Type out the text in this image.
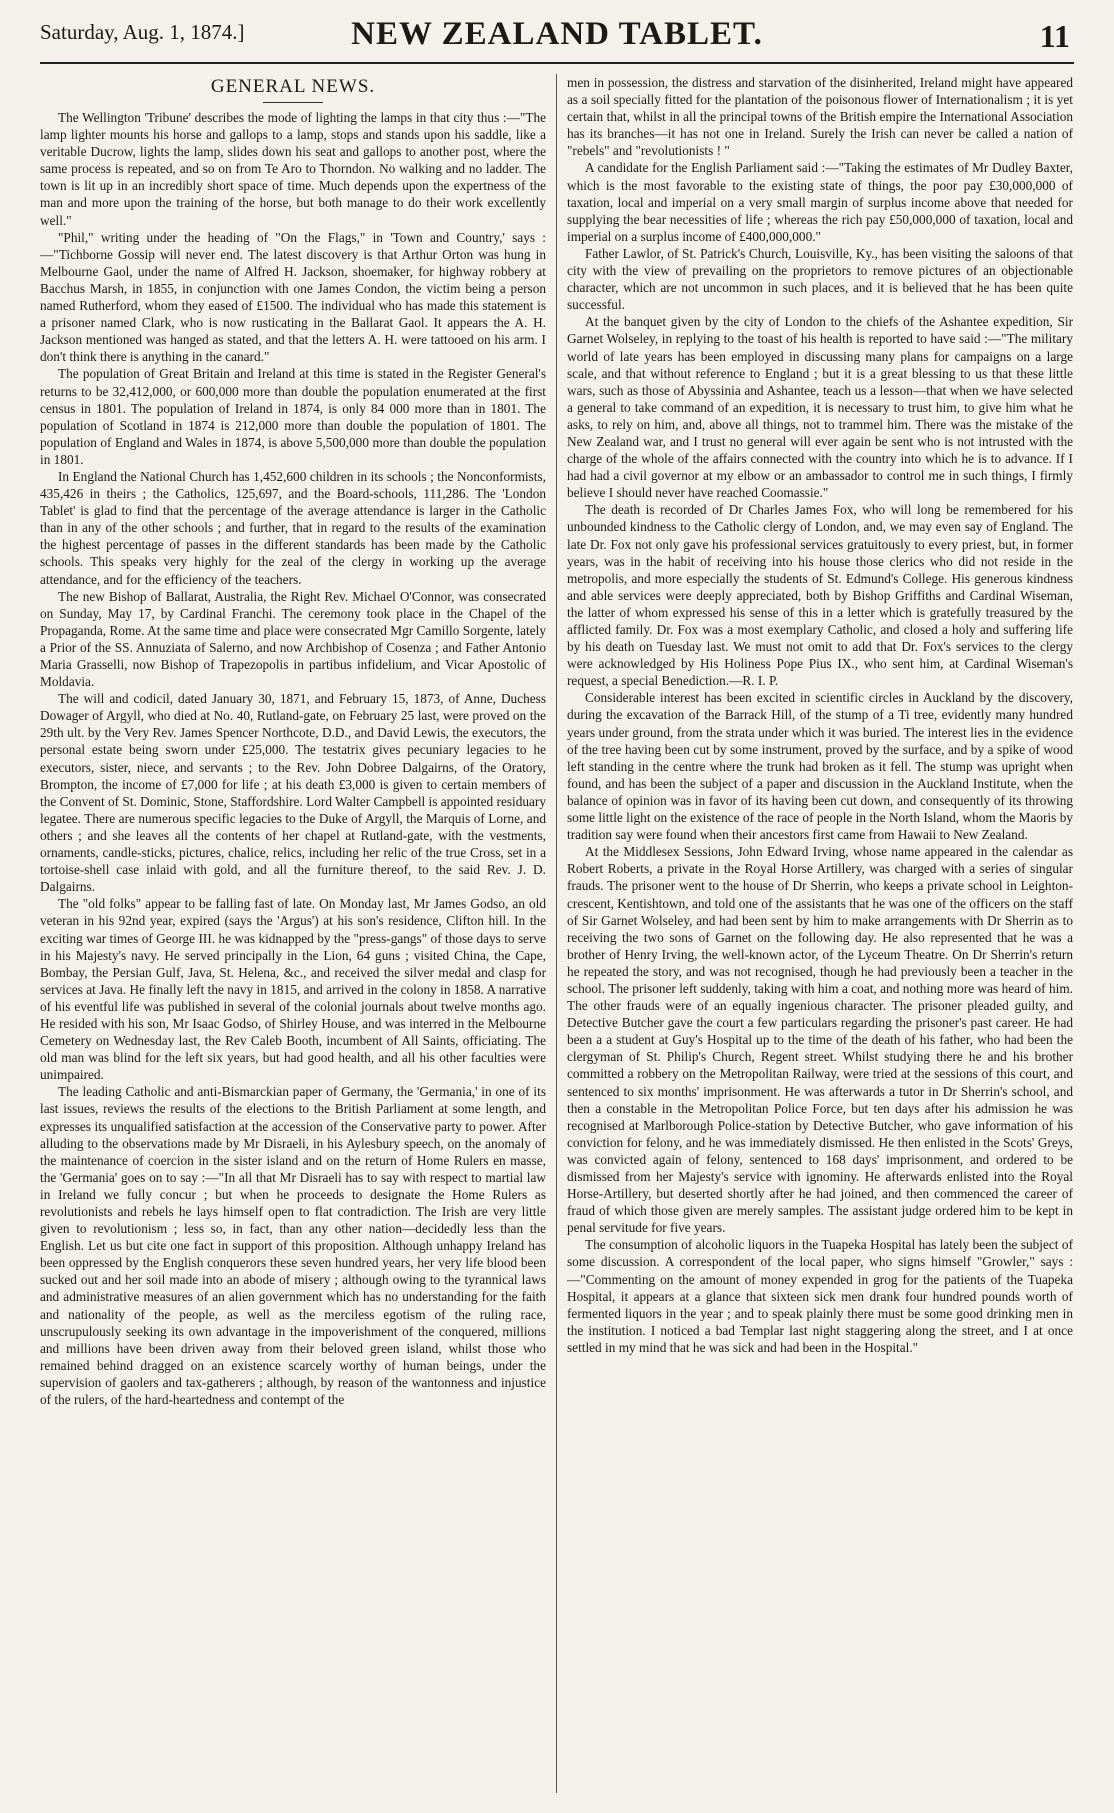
Saturday, Aug. 1, 1874.]	NEW ZEALAND TABLET.	11
GENERAL NEWS.

The Wellington 'Tribune' describes the mode of lighting the lamps in that city thus :—"The lamp lighter mounts his horse and gallops to a lamp, stops and stands upon his saddle, like a veritable Ducrow, lights the lamp, slides down his seat and gallops to another post, where the same process is repeated, and so on from Te Aro to Thorndon. No walking and no ladder. The town is lit up in an incredibly short space of time. Much depends upon the expertness of the man and more upon the training of the horse, but both manage to do their work excellently well."

"Phil," writing under the heading of "On the Flags," in 'Town and Country,' says :—"Tichborne Gossip will never end. The latest discovery is that Arthur Orton was hung in Melbourne Gaol, under the name of Alfred H. Jackson, shoemaker, for highway robbery at Bacchus Marsh, in 1855, in conjunction with one James Condon, the victim being a person named Rutherford, whom they eased of £1500. The individual who has made this statement is a prisoner named Clark, who is now rusticating in the Ballarat Gaol. It appears the A. H. Jackson mentioned was hanged as stated, and that the letters A. H. were tattooed on his arm. I don't think there is anything in the canard."

The population of Great Britain and Ireland at this time is stated in the Register General's returns to be 32,412,000, or 600,000 more than double the population enumerated at the first census in 1801. The population of Ireland in 1874, is only 84 000 more than in 1801. The population of Scotland in 1874 is 212,000 more than double the population of 1801. The population of England and Wales in 1874, is above 5,500,000 more than double the population in 1801.

In England the National Church has 1,452,600 children in its schools ; the Nonconformists, 435,426 in theirs ; the Catholics, 125,697, and the Board-schools, 111,286. The 'London Tablet' is glad to find that the percentage of the average attendance is larger in the Catholic than in any of the other schools ; and further, that in regard to the results of the examination the highest percentage of passes in the different standards has been made by the Catholic schools. This speaks very highly for the zeal of the clergy in working up the average attendance, and for the efficiency of the teachers.

The new Bishop of Ballarat, Australia, the Right Rev. Michael O'Connor, was consecrated on Sunday, May 17, by Cardinal Franchi. The ceremony took place in the Chapel of the Propaganda, Rome. At the same time and place were consecrated Mgr Camillo Sorgente, lately a Prior of the SS. Annuziata of Salerno, and now Archbishop of Cosenza ; and Father Antonio Maria Grasselli, now Bishop of Trapezopolis in partibus infidelium, and Vicar Apostolic of Moldavia.

The will and codicil, dated January 30, 1871, and February 15, 1873, of Anne, Duchess Dowager of Argyll, who died at No. 40, Rutland-gate, on February 25 last, were proved on the 29th ult. by the Very Rev. James Spencer Northcote, D.D., and David Lewis, the executors, the personal estate being sworn under £25,000. The testatrix gives pecuniary legacies to he executors, sister, niece, and servants ; to the Rev. John Dobree Dalgairns, of the Oratory, Brompton, the income of £7,000 for life ; at his death £3,000 is given to certain members of the Convent of St. Dominic, Stone, Staffordshire. Lord Walter Campbell is appointed residuary legatee. There are numerous specific legacies to the Duke of Argyll, the Marquis of Lorne, and others ; and she leaves all the contents of her chapel at Rutland-gate, with the vestments, ornaments, candle-sticks, pictures, chalice, relics, including her relic of the true Cross, set in a tortoise-shell case inlaid with gold, and all the furniture thereof, to the said Rev. J. D. Dalgairns.

The "old folks" appear to be falling fast of late. On Monday last, Mr James Godso, an old veteran in his 92nd year, expired (says the 'Argus') at his son's residence, Clifton hill. In the exciting war times of George III. he was kidnapped by the "press-gangs" of those days to serve in his Majesty's navy. He served principally in the Lion, 64 guns ; visited China, the Cape, Bombay, the Persian Gulf, Java, St. Helena, &c., and received the silver medal and clasp for services at Java. He finally left the navy in 1815, and arrived in the colony in 1858. A narrative of his eventful life was published in several of the colonial journals about twelve months ago. He resided with his son, Mr Isaac Godso, of Shirley House, and was interred in the Melbourne Cemetery on Wednesday last, the Rev Caleb Booth, incumbent of All Saints, officiating. The old man was blind for the left six years, but had good health, and all his other faculties were unimpaired.

The leading Catholic and anti-Bismarckian paper of Germany, the 'Germania,' in one of its last issues, reviews the results of the elections to the British Parliament at some length, and expresses its unqualified satisfaction at the accession of the Conservative party to power. After alluding to the observations made by Mr Disraeli, in his Aylesbury speech, on the anomaly of the maintenance of coercion in the sister island and on the return of Home Rulers en masse, the 'Germania' goes on to say :—"In all that Mr Disraeli has to say with respect to martial law in Ireland we fully concur ; but when he proceeds to designate the Home Rulers as revolutionists and rebels he lays himself open to flat contradiction. The Irish are very little given to revolutionism ; less so, in fact, than any other nation—decidedly less than the English. Let us but cite one fact in support of this proposition. Although unhappy Ireland has been oppressed by the English conquerors these seven hundred years, her very life blood been sucked out and her soil made into an abode of misery ; although owing to the tyrannical laws and administrative measures of an alien government which has no understanding for the faith and nationality of the people, as well as the merciless egotism of the ruling race, unscrupulously seeking its own advantage in the impoverishment of the conquered, millions and millions have been driven away from their beloved green island, whilst those who remained behind dragged on an existence scarcely worthy of human beings, under the supervision of gaolers and tax-gatherers ; although, by reason of the wantonness and injustice of the rulers, of the hard-heartedness and contempt of the

men in possession, the distress and starvation of the disinherited, Ireland might have appeared as a soil specially fitted for the plantation of the poisonous flower of Internationalism ; it is yet certain that, whilst in all the principal towns of the British empire the International Association has its branches—it has not one in Ireland. Surely the Irish can never be called a nation of "rebels" and "revolutionists ! "

A candidate for the English Parliament said :—"Taking the estimates of Mr Dudley Baxter, which is the most favorable to the existing state of things, the poor pay £30,000,000 of taxation, local and imperial on a very small margin of surplus income above that needed for supplying the bear necessities of life ; whereas the rich pay £50,000,000 of taxation, local and imperial on a surplus income of £400,000,000."

Father Lawlor, of St. Patrick's Church, Louisville, Ky., has been visiting the saloons of that city with the view of prevailing on the proprietors to remove pictures of an objectionable character, which are not uncommon in such places, and it is believed that he has been quite successful.

At the banquet given by the city of London to the chiefs of the Ashantee expedition, Sir Garnet Wolseley, in replying to the toast of his health is reported to have said :—"The military world of late years has been employed in discussing many plans for campaigns on a large scale, and that without reference to England ; but it is a great blessing to us that these little wars, such as those of Abyssinia and Ashantee, teach us a lesson—that when we have selected a general to take command of an expedition, it is necessary to trust him, to give him what he asks, to rely on him, and, above all things, not to trammel him. There was the mistake of the New Zealand war, and I trust no general will ever again be sent who is not intrusted with the charge of the whole of the affairs connected with the country into which he is to advance. If I had had a civil governor at my elbow or an ambassador to control me in such things, I firmly believe I should never have reached Coomassie."

The death is recorded of Dr Charles James Fox, who will long be remembered for his unbounded kindness to the Catholic clergy of London, and, we may even say of England. The late Dr. Fox not only gave his professional services gratuitously to every priest, but, in former years, was in the habit of receiving into his house those clerics who did not reside in the metropolis, and more especially the students of St. Edmund's College. His generous kindness and able services were deeply appreciated, both by Bishop Griffiths and Cardinal Wiseman, the latter of whom expressed his sense of this in a letter which is gratefully treasured by the afflicted family. Dr. Fox was a most exemplary Catholic, and closed a holy and suffering life by his death on Tuesday last. We must not omit to add that Dr. Fox's services to the clergy were acknowledged by His Holiness Pope Pius IX., who sent him, at Cardinal Wiseman's request, a special Benediction.—R. I. P.

Considerable interest has been excited in scientific circles in Auckland by the discovery, during the excavation of the Barrack Hill, of the stump of a Ti tree, evidently many hundred years under ground, from the strata under which it was buried. The interest lies in the evidence of the tree having been cut by some instrument, proved by the surface, and by a spike of wood left standing in the centre where the trunk had broken as it fell. The stump was upright when found, and has been the subject of a paper and discussion in the Auckland Institute, when the balance of opinion was in favor of its having been cut down, and consequently of its throwing some little light on the existence of the race of people in the North Island, whom the Maoris by tradition say were found when their ancestors first came from Hawaii to New Zealand.

At the Middlesex Sessions, John Edward Irving, whose name appeared in the calendar as Robert Roberts, a private in the Royal Horse Artillery, was charged with a series of singular frauds. The prisoner went to the house of Dr Sherrin, who keeps a private school in Leighton-crescent, Kentishtown, and told one of the assistants that he was one of the officers on the staff of Sir Garnet Wolseley, and had been sent by him to make arrangements with Dr Sherrin as to receiving the two sons of Garnet on the following day. He also represented that he was a brother of Henry Irving, the well-known actor, of the Lyceum Theatre. On Dr Sherrin's return he repeated the story, and was not recognised, though he had previously been a teacher in the school. The prisoner left suddenly, taking with him a coat, and nothing more was heard of him. The other frauds were of an equally ingenious character. The prisoner pleaded guilty, and Detective Butcher gave the court a few particulars regarding the prisoner's past career. He had been a a student at Guy's Hospital up to the time of the death of his father, who had been the clergyman of St. Philip's Church, Regent street. Whilst studying there he and his brother committed a robbery on the Metropolitan Railway, were tried at the sessions of this court, and sentenced to six months' imprisonment. He was afterwards a tutor in Dr Sherrin's school, and then a constable in the Metropolitan Police Force, but ten days after his admission he was recognised at Marlborough Police-station by Detective Butcher, who gave information of his conviction for felony, and he was immediately dismissed. He then enlisted in the Scots' Greys, was convicted again of felony, sentenced to 168 days' imprisonment, and ordered to be dismissed from her Majesty's service with ignominy. He afterwards enlisted into the Royal Horse-Artillery, but deserted shortly after he had joined, and then commenced the career of fraud of which those given are merely samples. The assistant judge ordered him to be kept in penal servitude for five years.

The consumption of alcoholic liquors in the Tuapeka Hospital has lately been the subject of some discussion. A correspondent of the local paper, who signs himself "Growler," says :—"Commenting on the amount of money expended in grog for the patients of the Tuapeka Hospital, it appears at a glance that sixteen sick men drank four hundred pounds worth of fermented liquors in the year ; and to speak plainly there must be some good drinking men in the institution. I noticed a bad Templar last night staggering along the street, and I at once settled in my mind that he was sick and had been in the Hospital."
